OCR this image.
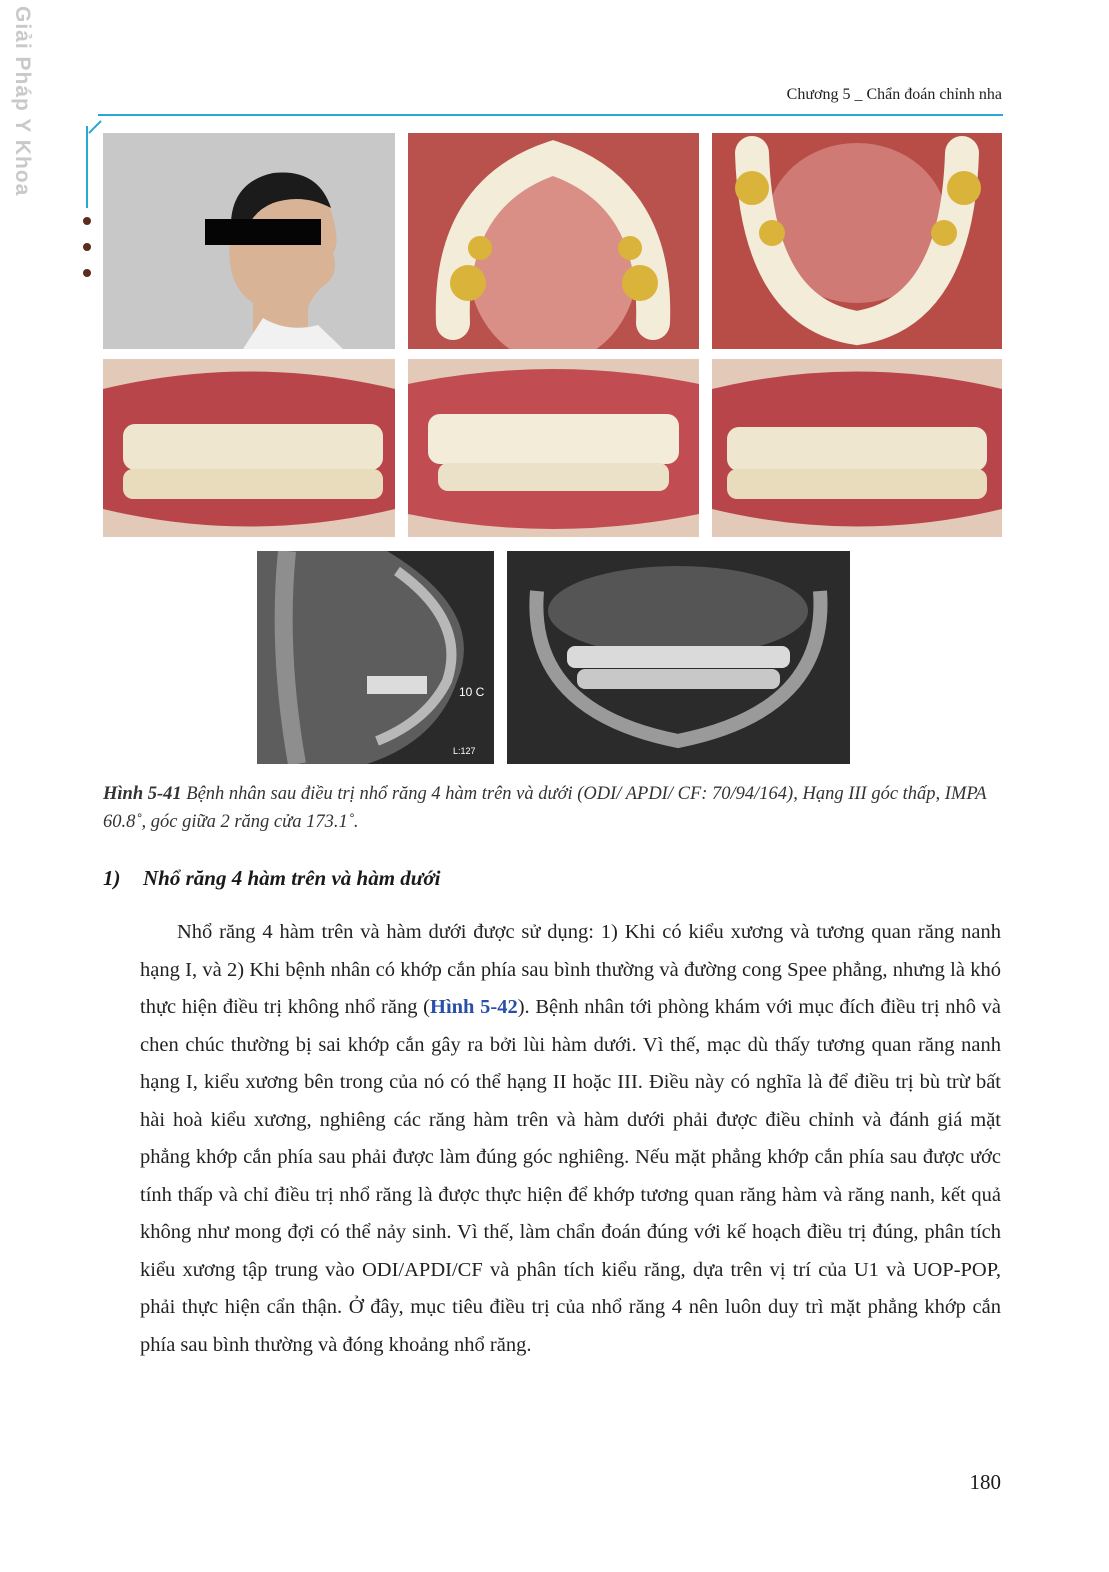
Giải Pháp Y Khoa	Chương 5 _ Chẩn đoán chỉnh nha
10 C
L:127
Hình 5-41 Bệnh nhân sau điều trị nhổ răng 4 hàm trên và dưới (ODI/ APDI/ CF: 70/94/164), Hạng III góc thấp, IMPA 60.8˚, góc giữa 2 răng cửa 173.1˚.
1) Nhổ răng 4 hàm trên và hàm dưới
Nhổ răng 4 hàm trên và hàm dưới được sử dụng: 1) Khi có kiểu xương và tương quan răng nanh hạng I, và 2) Khi bệnh nhân có khớp cắn phía sau bình thường và đường cong Spee phẳng, nhưng là khó thực hiện điều trị không nhổ răng (Hình 5-42). Bệnh nhân tới phòng khám với mục đích điều trị nhô và chen chúc thường bị sai khớp cắn gây ra bởi lùi hàm dưới. Vì thế, mạc dù thấy tương quan răng nanh hạng I, kiểu xương bên trong của nó có thể hạng II hoặc III. Điều này có nghĩa là để điều trị bù trừ bất hài hoà kiểu xương, nghiêng các răng hàm trên và hàm dưới phải được điều chỉnh và đánh giá mặt phẳng khớp cắn phía sau phải được làm đúng góc nghiêng. Nếu mặt phẳng khớp cắn phía sau được ước tính thấp và chỉ điều trị nhổ răng là được thực hiện để khớp tương quan răng hàm và răng nanh, kết quả không như mong đợi có thể nảy sinh. Vì thế, làm chẩn đoán đúng với kế hoạch điều trị đúng, phân tích kiểu xương tập trung vào ODI/APDI/CF và phân tích kiểu răng, dựa trên vị trí của U1 và UOP-POP, phải thực hiện cẩn thận. Ở đây, mục tiêu điều trị của nhổ răng 4 nên luôn duy trì mặt phẳng khớp cắn phía sau bình thường và đóng khoảng nhổ răng.
180
